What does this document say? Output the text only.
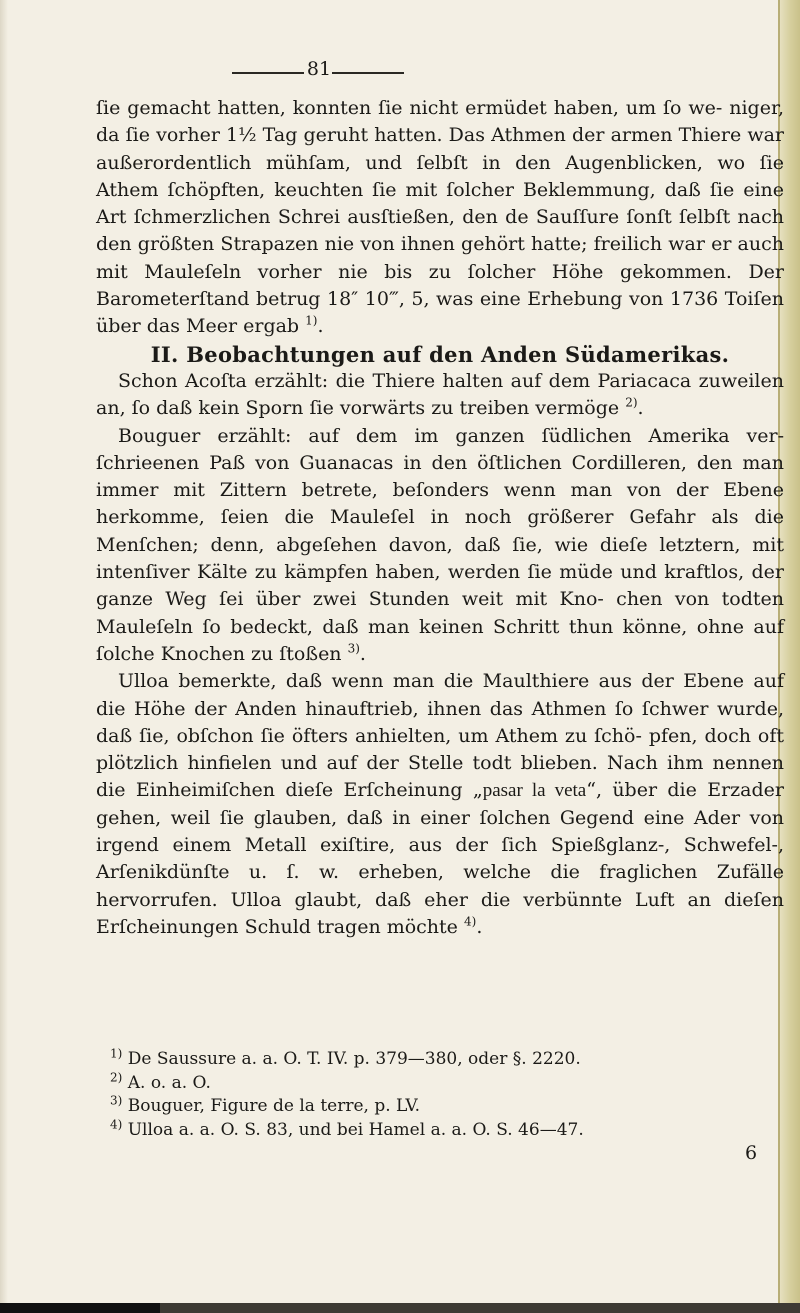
81

ſie gemacht hatten, konnten ſie nicht ermüdet haben, um ſo we- niger, da ſie vorher 1½ Tag geruht hatten. Das Athmen der armen Thiere war außerordentlich mühſam, und ſelbſt in den Augenblicken, wo ſie Athem ſchöpften, keuchten ſie mit ſolcher Beklemmung, daß ſie eine Art ſchmerzlichen Schrei ausſtießen, den de Sauſſure ſonſt ſelbſt nach den größten Strapazen nie von ihnen gehört hatte; freilich war er auch mit Mauleſeln vorher nie bis zu ſolcher Höhe gekommen. Der Barometerſtand betrug 18″ 10‴, 5, was eine Erhebung von 1736 Toiſen über das Meer ergab $^{1)}$.

II. Beobachtungen auf den Anden Südamerikas.

Schon Acoſta erzählt: die Thiere halten auf dem Pariacaca zuweilen an, ſo daß kein Sporn ſie vorwärts zu treiben vermöge $^{2)}$.

Bouguer erzählt: auf dem im ganzen ſüdlichen Amerika ver- ſchrieenen Paß von Guanacas in den öſtlichen Cordilleren, den man immer mit Zittern betrete, beſonders wenn man von der Ebene herkomme, ſeien die Mauleſel in noch größerer Gefahr als die Menſchen; denn, abgeſehen davon, daß ſie, wie dieſe letztern, mit intenſiver Kälte zu kämpfen haben, werden ſie müde und kraftlos, der ganze Weg ſei über zwei Stunden weit mit Kno- chen von todten Mauleſeln ſo bedeckt, daß man keinen Schritt thun könne, ohne auf ſolche Knochen zu ſtoßen $^{3)}$.

Ulloa bemerkte, daß wenn man die Maulthiere aus der Ebene auf die Höhe der Anden hinauftrieb, ihnen das Athmen ſo ſchwer wurde, daß ſie, obſchon ſie öfters anhielten, um Athem zu ſchö- pfen, doch oft plötzlich hinfielen und auf der Stelle todt blieben. Nach ihm nennen die Einheimiſchen dieſe Erſcheinung „pasar la veta“, über die Erzader gehen, weil ſie glauben, daß in einer ſolchen Gegend eine Ader von irgend einem Metall exiſtire, aus der ſich Spießglanz-, Schwefel-, Arſenikdünſte u. ſ. w. erheben, welche die fraglichen Zufälle hervorrufen. Ulloa glaubt, daß eher die verbünnte Luft an dieſen Erſcheinungen Schuld tragen möchte $^{4)}$.

$^{1)}$ De Saussure a. a. O. T. IV. p. 379—380, oder §. 2220.

$^{2)}$ A. o. a. O.

$^{3)}$ Bouguer, Figure de la terre, p. LV.

$^{4)}$ Ulloa a. a. O. S. 83, und bei Hamel a. a. O. S. 46—47.

6
